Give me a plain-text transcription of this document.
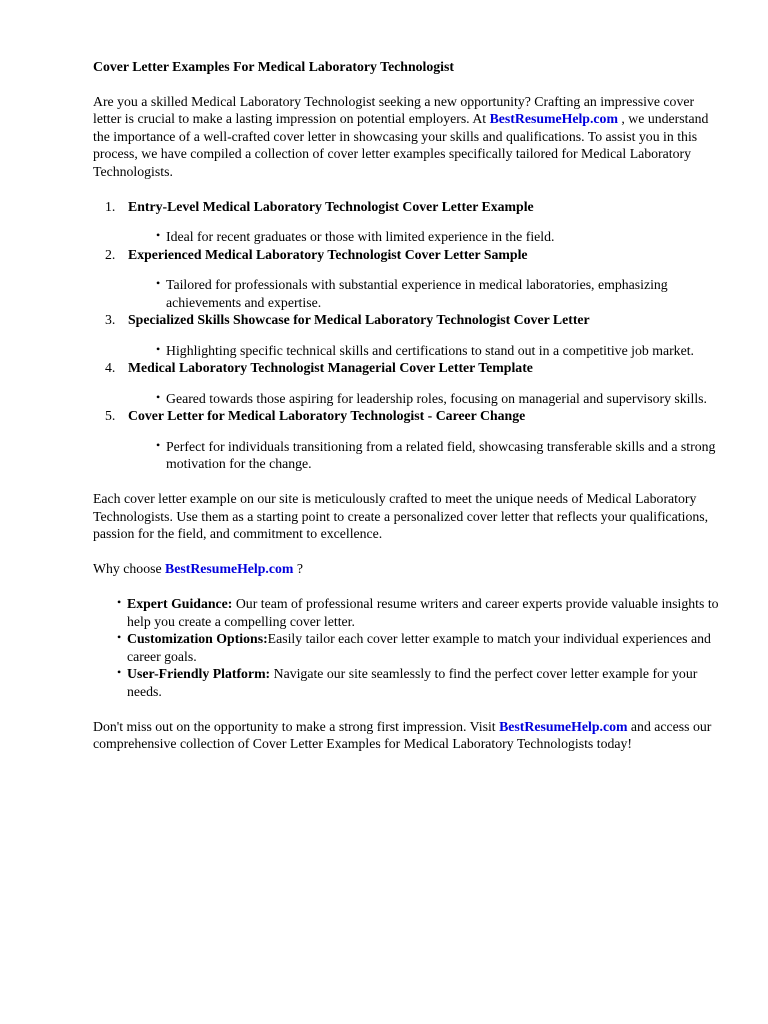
Cover Letter Examples For Medical Laboratory Technologist

Are you a skilled Medical Laboratory Technologist seeking a new opportunity? Crafting an impressive cover letter is crucial to make a lasting impression on potential employers. At BestResumeHelp.com , we understand the importance of a well-crafted cover letter in showcasing your skills and qualifications. To assist you in this process, we have compiled a collection of cover letter examples specifically tailored for Medical Laboratory Technologists.

1. Entry-Level Medical Laboratory Technologist Cover Letter Example
• Ideal for recent graduates or those with limited experience in the field.
2. Experienced Medical Laboratory Technologist Cover Letter Sample
• Tailored for professionals with substantial experience in medical laboratories, emphasizing achievements and expertise.
3. Specialized Skills Showcase for Medical Laboratory Technologist Cover Letter
• Highlighting specific technical skills and certifications to stand out in a competitive job market.
4. Medical Laboratory Technologist Managerial Cover Letter Template
• Geared towards those aspiring for leadership roles, focusing on managerial and supervisory skills.
5. Cover Letter for Medical Laboratory Technologist - Career Change
• Perfect for individuals transitioning from a related field, showcasing transferable skills and a strong motivation for the change.

Each cover letter example on our site is meticulously crafted to meet the unique needs of Medical Laboratory Technologists. Use them as a starting point to create a personalized cover letter that reflects your qualifications, passion for the field, and commitment to excellence.

Why choose BestResumeHelp.com ?

• Expert Guidance: Our team of professional resume writers and career experts provide valuable insights to help you create a compelling cover letter.
• Customization Options:Easily tailor each cover letter example to match your individual experiences and career goals.
• User-Friendly Platform: Navigate our site seamlessly to find the perfect cover letter example for your needs.

Don't miss out on the opportunity to make a strong first impression. Visit BestResumeHelp.com and access our comprehensive collection of Cover Letter Examples for Medical Laboratory Technologists today!
